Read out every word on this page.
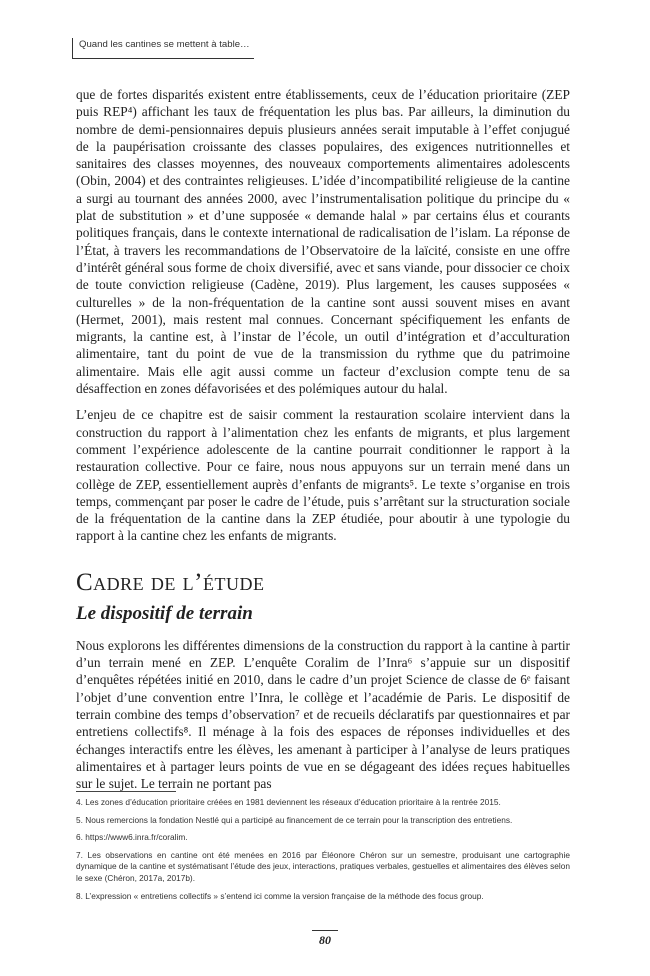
Quand les cantines se mettent à table…

que de fortes disparités existent entre établissements, ceux de l’éducation prioritaire (ZEP puis REP⁴) affichant les taux de fréquentation les plus bas. Par ailleurs, la diminution du nombre de demi-pensionnaires depuis plusieurs années serait imputable à l’effet conjugué de la paupérisation croissante des classes populaires, des exigences nutritionnelles et sanitaires des classes moyennes, des nouveaux comportements alimentaires adolescents (Obin, 2004) et des contraintes religieuses. L’idée d’incompatibilité religieuse de la cantine a surgi au tournant des années 2000, avec l’instrumentalisation politique du principe du « plat de substitution » et d’une supposée « demande halal » par certains élus et courants politiques français, dans le contexte international de radicalisation de l’islam. La réponse de l’État, à travers les recommandations de l’Observatoire de la laïcité, consiste en une offre d’intérêt général sous forme de choix diversifié, avec et sans viande, pour dissocier ce choix de toute conviction religieuse (Cadène, 2019). Plus largement, les causes supposées « culturelles » de la non-fréquentation de la cantine sont aussi souvent mises en avant (Hermet, 2001), mais restent mal connues. Concernant spécifiquement les enfants de migrants, la cantine est, à l’instar de l’école, un outil d’intégration et d’acculturation alimentaire, tant du point de vue de la transmission du rythme que du patrimoine alimentaire. Mais elle agit aussi comme un facteur d’exclusion compte tenu de sa désaffection en zones défavorisées et des polémiques autour du halal.

L’enjeu de ce chapitre est de saisir comment la restauration scolaire intervient dans la construction du rapport à l’alimentation chez les enfants de migrants, et plus largement comment l’expérience adolescente de la cantine pourrait conditionner le rapport à la restauration collective. Pour ce faire, nous nous appuyons sur un terrain mené dans un collège de ZEP, essentiellement auprès d’enfants de migrants⁵. Le texte s’organise en trois temps, commençant par poser le cadre de l’étude, puis s’arrêtant sur la structuration sociale de la fréquentation de la cantine dans la ZEP étudiée, pour aboutir à une typologie du rapport à la cantine chez les enfants de migrants.

Cadre de l’étude
Le dispositif de terrain

Nous explorons les différentes dimensions de la construction du rapport à la cantine à partir d’un terrain mené en ZEP. L’enquête Coralim de l’Inra⁶ s’appuie sur un dispositif d’enquêtes répétées initié en 2010, dans le cadre d’un projet Science de classe de 6ᵉ faisant l’objet d’une convention entre l’Inra, le collège et l’académie de Paris. Le dispositif de terrain combine des temps d’observation⁷ et de recueils déclaratifs par questionnaires et par entretiens collectifs⁸. Il ménage à la fois des espaces de réponses individuelles et des échanges interactifs entre les élèves, les amenant à participer à l’analyse de leurs pratiques alimentaires et à partager leurs points de vue en se dégageant des idées reçues habituelles sur le sujet. Le terrain ne portant pas

4. Les zones d’éducation prioritaire créées en 1981 deviennent les réseaux d’éducation prioritaire à la rentrée 2015.

5. Nous remercions la fondation Nestlé qui a participé au financement de ce terrain pour la transcription des entretiens.

6. https://www6.inra.fr/coralim.

7. Les observations en cantine ont été menées en 2016 par Éléonore Chéron sur un semestre, produisant une cartographie dynamique de la cantine et systématisant l’étude des jeux, interactions, pratiques verbales, gestuelles et alimentaires des élèves selon le sexe (Chéron, 2017a, 2017b).

8. L’expression « entretiens collectifs » s’entend ici comme la version française de la méthode des focus group.

80
